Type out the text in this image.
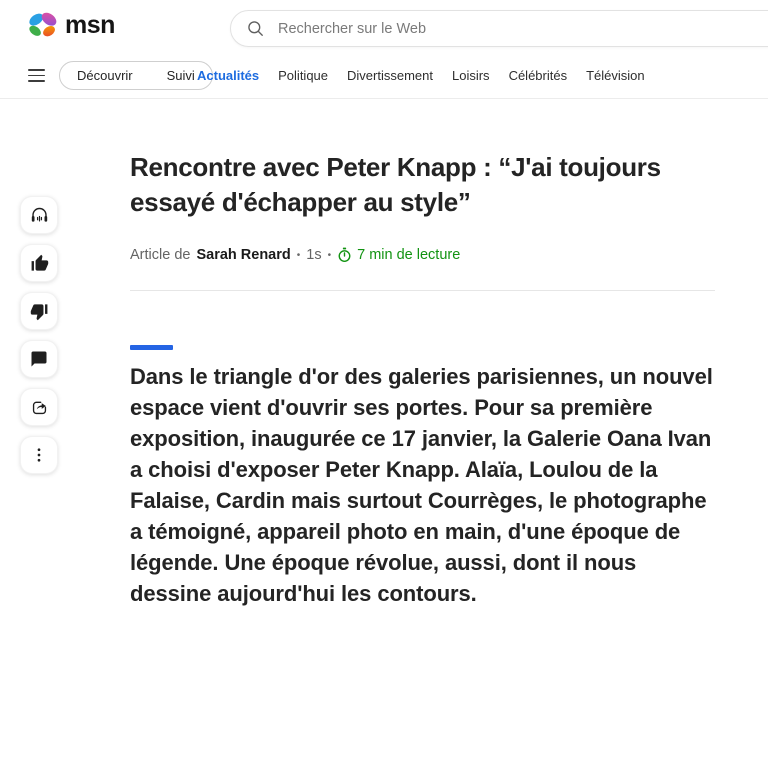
msn
Rechercher sur le Web
Découvrir	Suivi Actualités Politique Divertissement Loisirs Célébrités Télévision
Rencontre avec Peter Knapp : “J'ai toujours essayé d'échapper au style”
Article de Sarah Renard • 1s • 7 min de lecture

Dans le triangle d'or des galeries parisiennes, un nouvel espace vient d'ouvrir ses portes. Pour sa première exposition, inaugurée ce 17 janvier, la Galerie Oana Ivan a choisi d'exposer Peter Knapp. Alaïa, Loulou de la Falaise, Cardin mais surtout Courrèges, le photographe a témoigné, appareil photo en main, d'une époque de légende. Une époque révolue, aussi, dont il nous dessine aujourd'hui les contours.
